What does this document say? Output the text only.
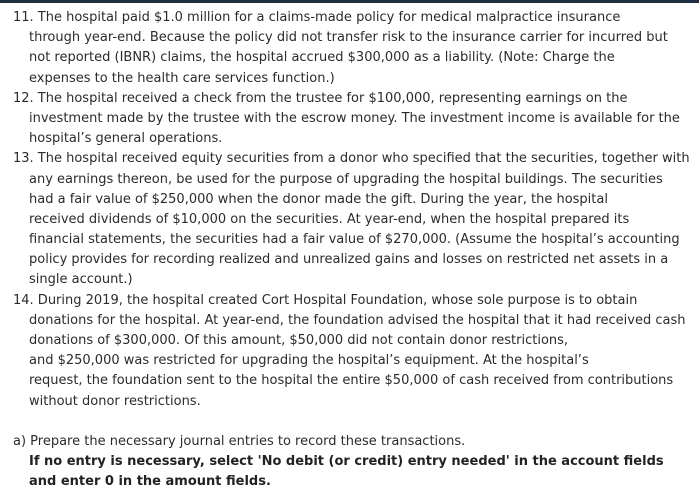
11. The hospital paid $1.0 million for a claims-made policy for medical malpractice insurance
through year-end. Because the policy did not transfer risk to the insurance carrier for incurred but
not reported (IBNR) claims, the hospital accrued $300,000 as a liability. (Note: Charge the
expenses to the health care services function.)
12. The hospital received a check from the trustee for $100,000, representing earnings on the
investment made by the trustee with the escrow money. The investment income is available for the
hospital’s general operations.
13. The hospital received equity securities from a donor who specified that the securities, together with
any earnings thereon, be used for the purpose of upgrading the hospital buildings. The securities
had a fair value of $250,000 when the donor made the gift. During the year, the hospital
received dividends of $10,000 on the securities. At year-end, when the hospital prepared its
financial statements, the securities had a fair value of $270,000. (Assume the hospital’s accounting
policy provides for recording realized and unrealized gains and losses on restricted net assets in a
single account.)
14. During 2019, the hospital created Cort Hospital Foundation, whose sole purpose is to obtain
donations for the hospital. At year-end, the foundation advised the hospital that it had received cash
donations of $300,000. Of this amount, $50,000 did not contain donor restrictions,
and $250,000 was restricted for upgrading the hospital’s equipment. At the hospital’s
request, the foundation sent to the hospital the entire $50,000 of cash received from contributions
without donor restrictions.
a) Prepare the necessary journal entries to record these transactions.
If no entry is necessary, select 'No debit (or credit) entry needed' in the account fields
and enter 0 in the amount fields.
